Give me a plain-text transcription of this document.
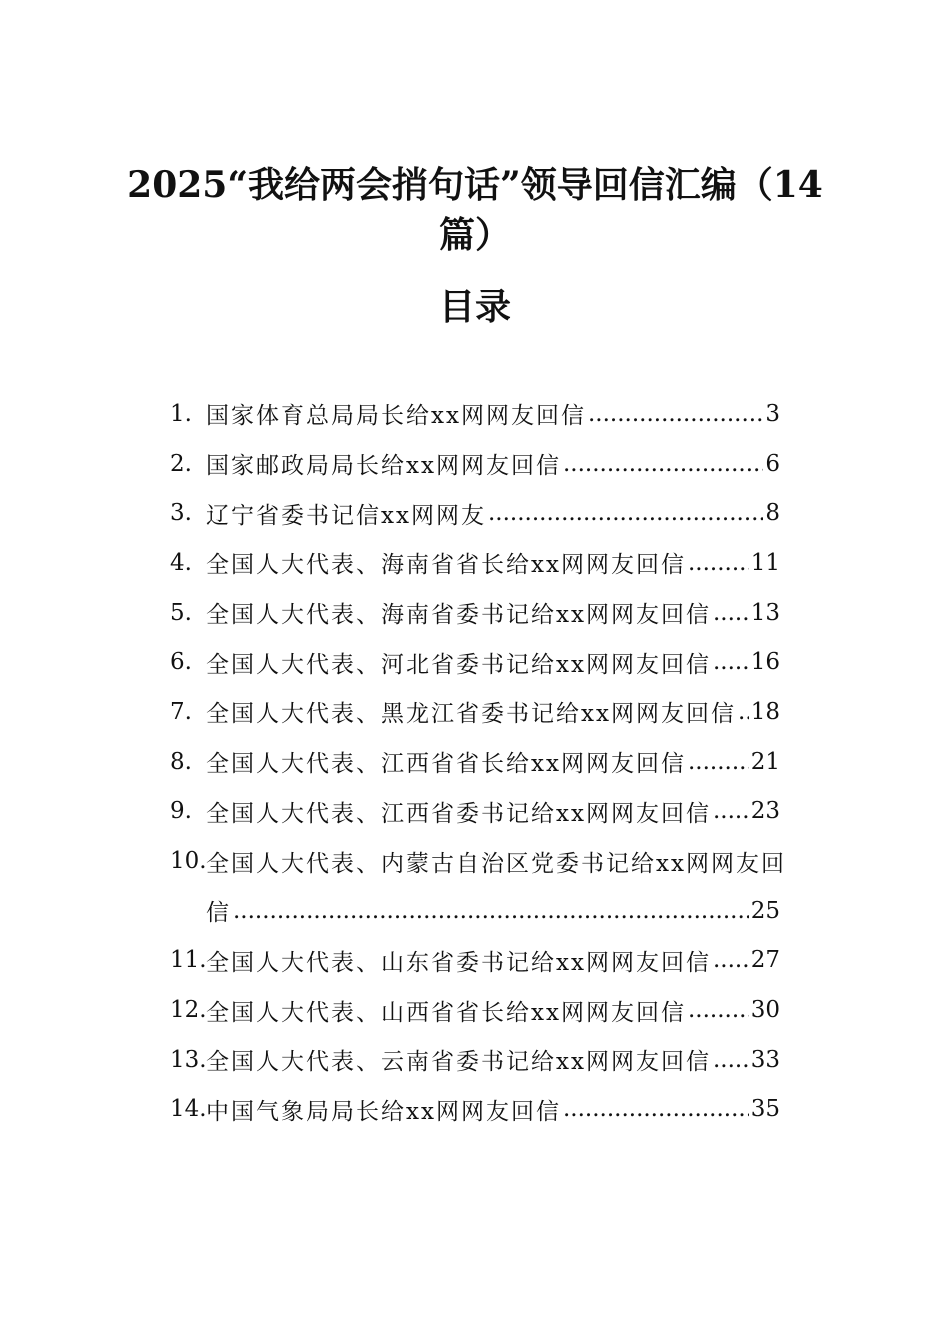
2025“我给两会捎句话”领导回信汇编（14
篇）
目录
1. 国家体育总局局长给xx网网友回信 .....	3
2. 国家邮政局局长给xx网网友回信 .....	6
3. 辽宁省委书记信xx网网友 .....	8
4. 全国人大代表、海南省省长给xx网网友回信 .....	11
5. 全国人大代表、海南省委书记给xx网网友回信 ..... 13
6. 全国人大代表、河北省委书记给xx网网友回信 ..... 16
7. 全国人大代表、黑龙江省委书记给xx网网友回信 ..... 18
8. 全国人大代表、江西省省长给xx网网友回信 .....	21
9. 全国人大代表、江西省委书记给xx网网友回信 ..... 23
10. 全国人大代表、内蒙古自治区党委书记给xx网网友回
信 .....	25
11. 全国人大代表、山东省委书记给xx网网友回信 ..... 27
12. 全国人大代表、山西省省长给xx网网友回信 .....	30
13. 全国人大代表、云南省委书记给xx网网友回信 ..... 33
14. 中国气象局局长给xx网网友回信 .....	35
